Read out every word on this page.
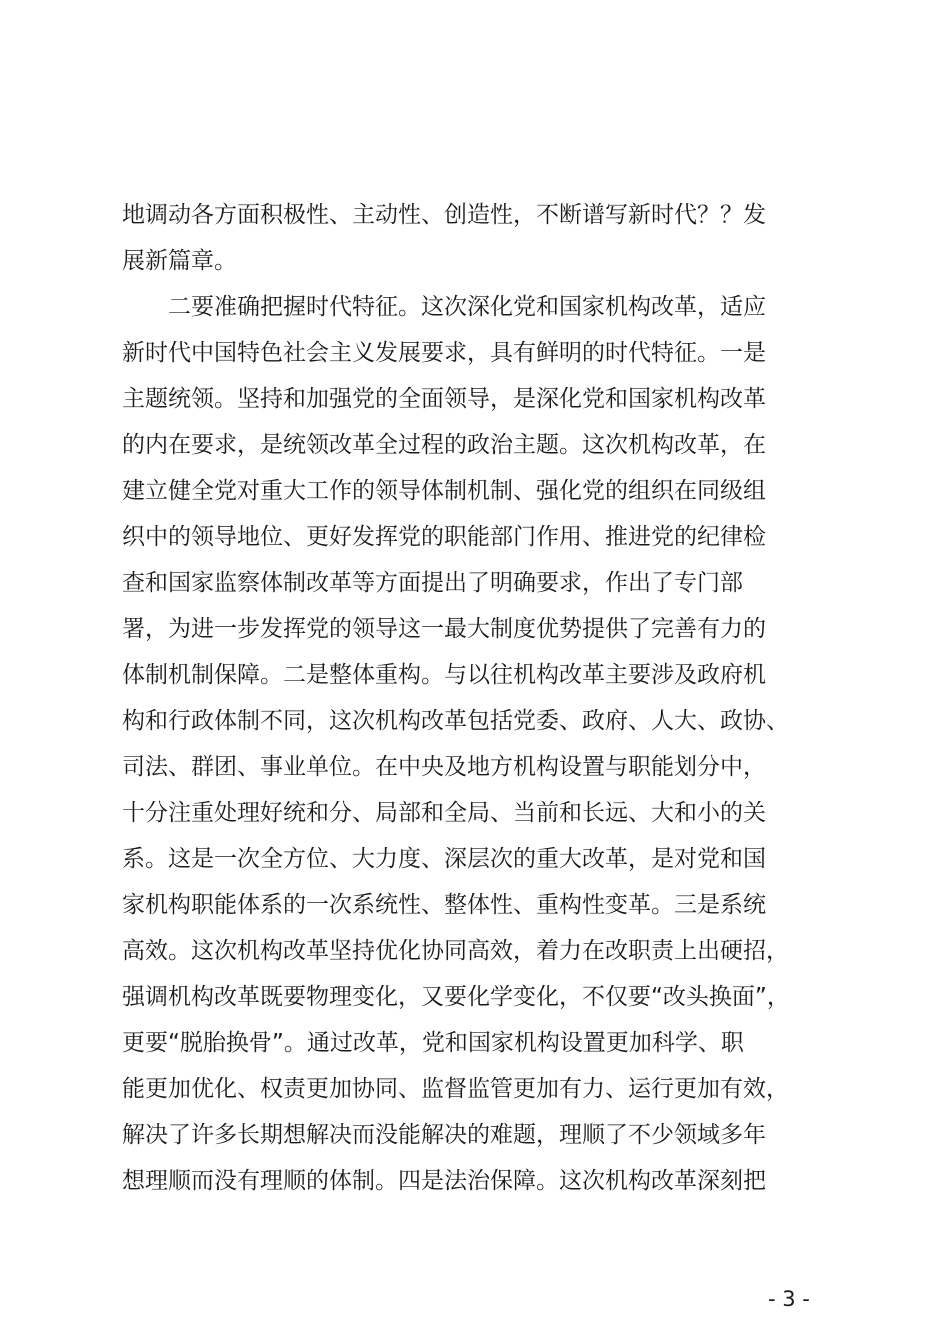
地调动各方面积极性、主动性、创造性，不断谱写新时代？？发
展新篇章。
　　二要准确把握时代特征。这次深化党和国家机构改革，适应
新时代中国特色社会主义发展要求，具有鲜明的时代特征。一是
主题统领。坚持和加强党的全面领导，是深化党和国家机构改革
的内在要求，是统领改革全过程的政治主题。这次机构改革，在
建立健全党对重大工作的领导体制机制、强化党的组织在同级组
织中的领导地位、更好发挥党的职能部门作用、推进党的纪律检
查和国家监察体制改革等方面提出了明确要求，作出了专门部
署，为进一步发挥党的领导这一最大制度优势提供了完善有力的
体制机制保障。二是整体重构。与以往机构改革主要涉及政府机
构和行政体制不同，这次机构改革包括党委、政府、人大、政协、
司法、群团、事业单位。在中央及地方机构设置与职能划分中，
十分注重处理好统和分、局部和全局、当前和长远、大和小的关
系。这是一次全方位、大力度、深层次的重大改革，是对党和国
家机构职能体系的一次系统性、整体性、重构性变革。三是系统
高效。这次机构改革坚持优化协同高效，着力在改职责上出硬招，
强调机构改革既要物理变化，又要化学变化，不仅要“改头换面”，
更要“脱胎换骨”。通过改革，党和国家机构设置更加科学、职
能更加优化、权责更加协同、监督监管更加有力、运行更加有效，
解决了许多长期想解决而没能解决的难题，理顺了不少领域多年
想理顺而没有理顺的体制。四是法治保障。这次机构改革深刻把
- 3 -
